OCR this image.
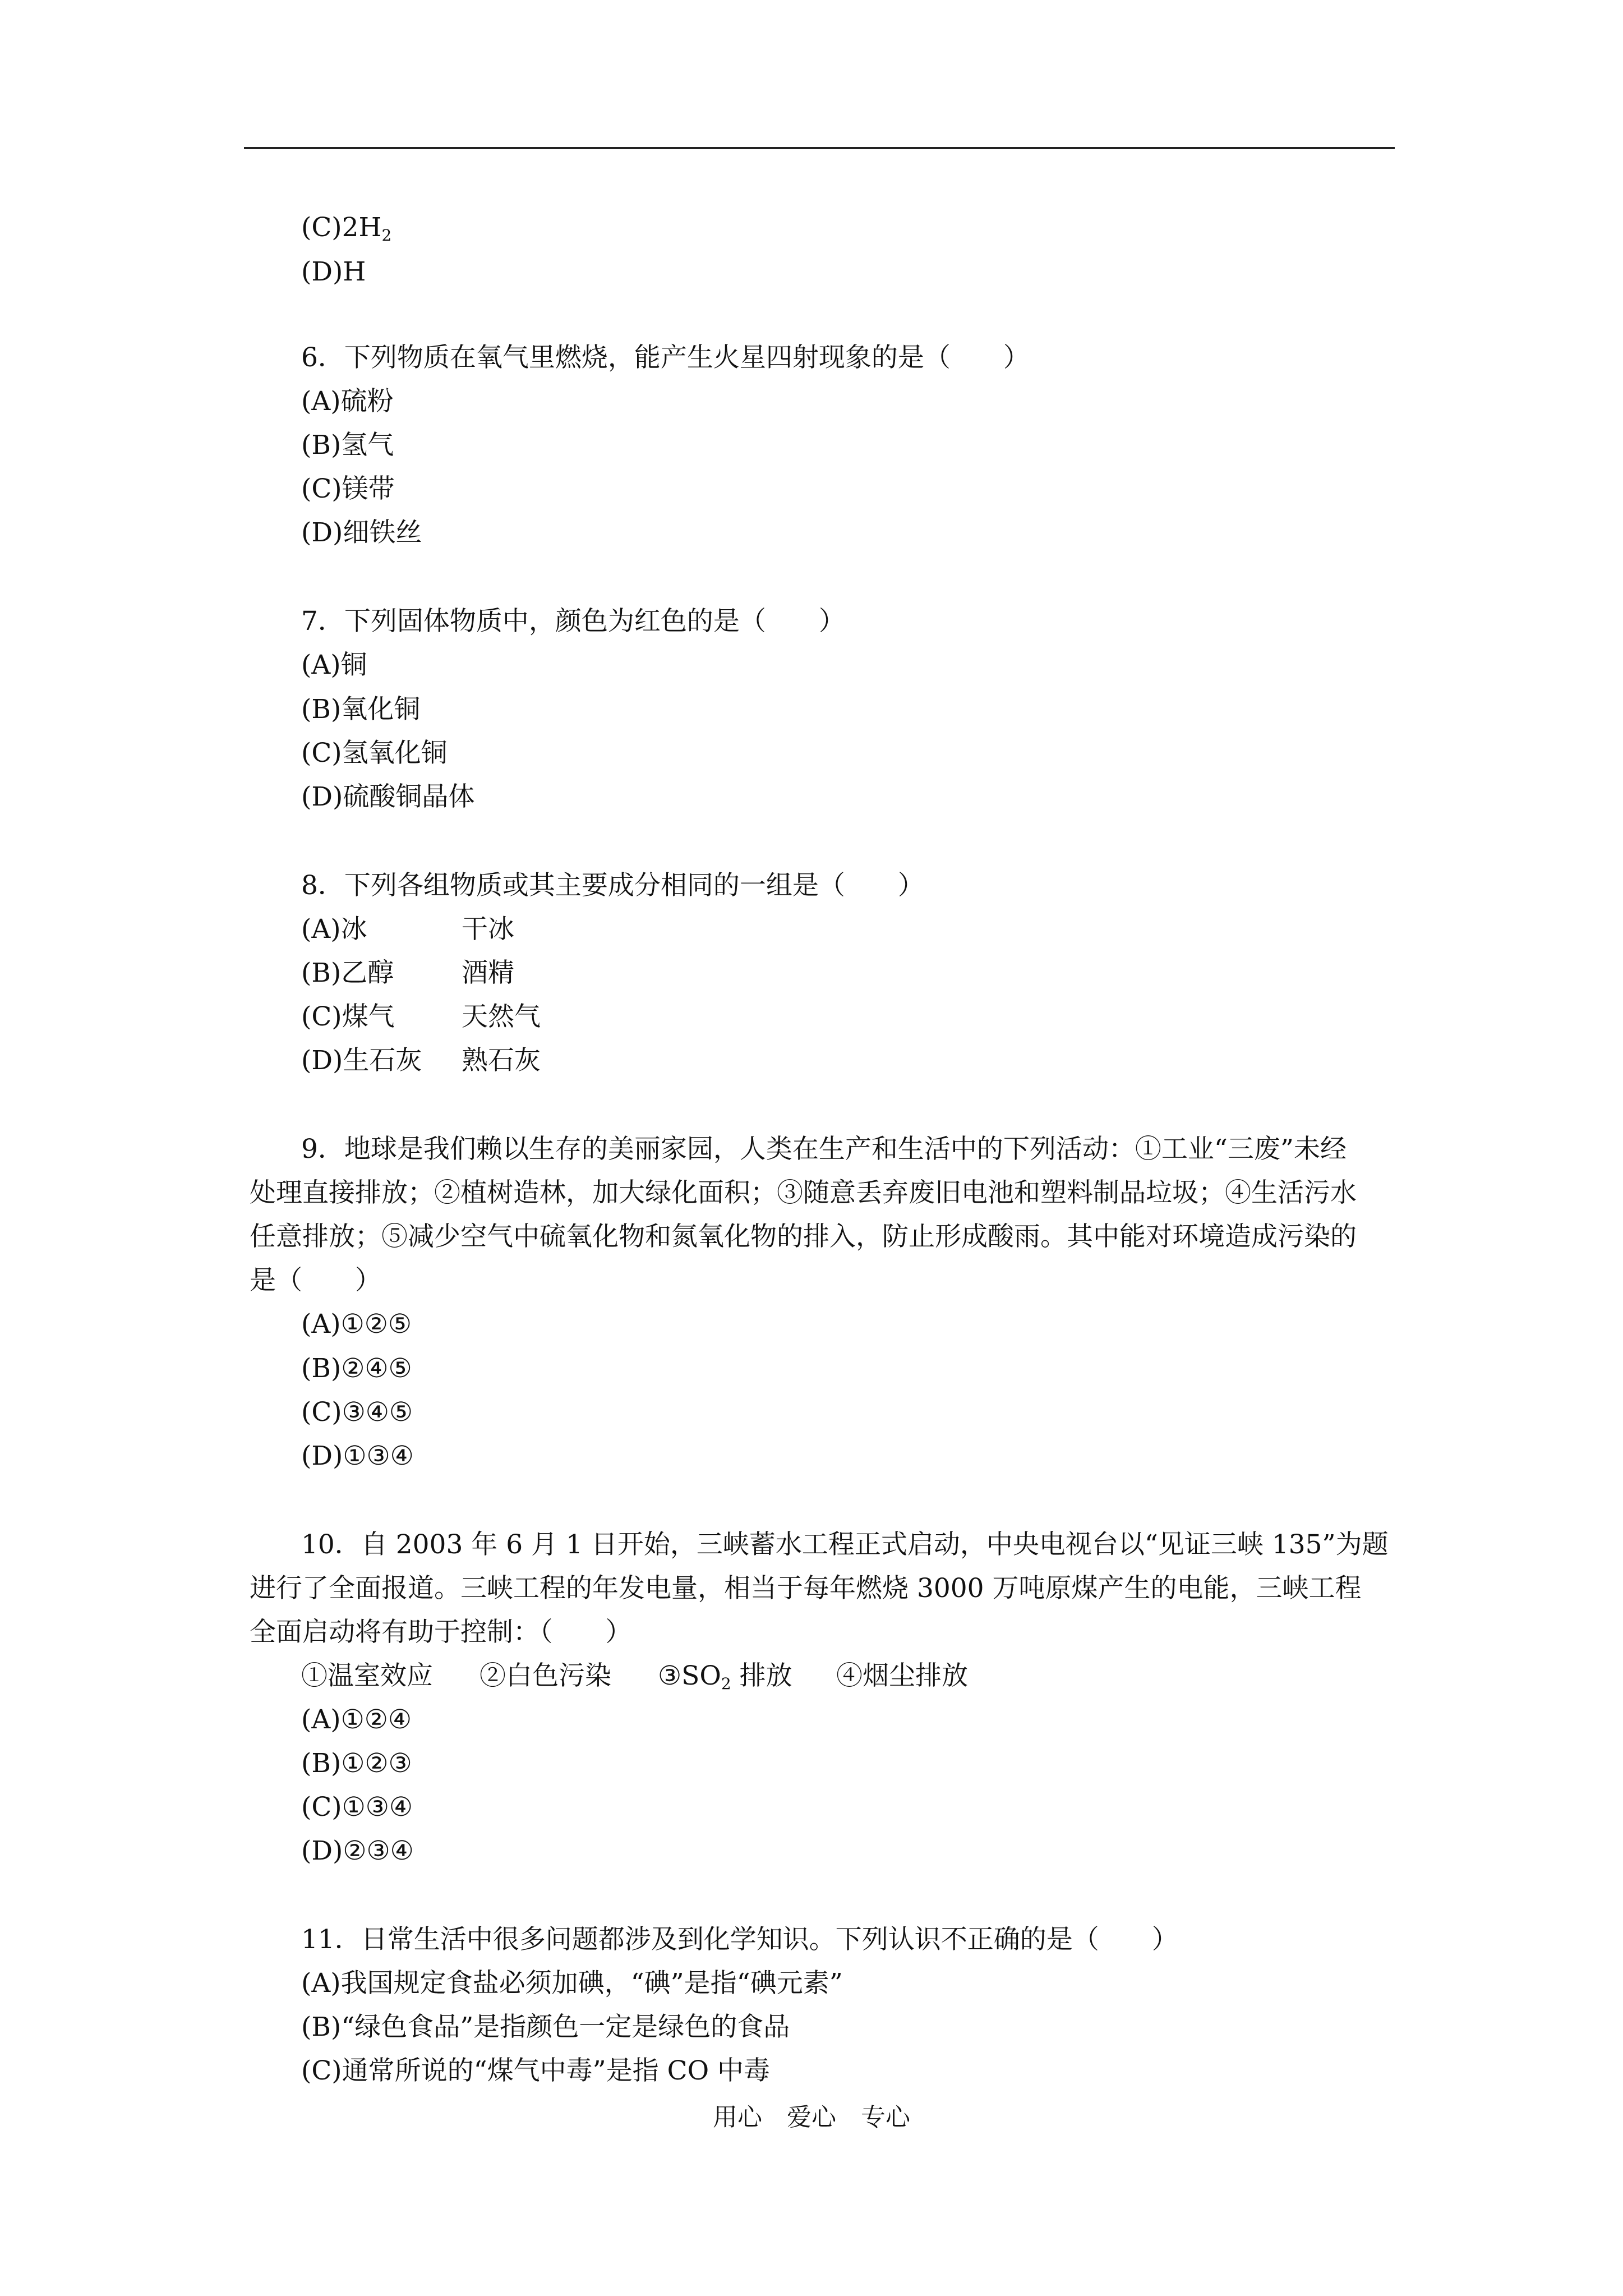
$(C)2H_2$
(D)H
6．下列物质在氧气里燃烧，能产生火星四射现象的是（　　）
(A)硫粉
(B)氢气
(C)镁带
(D)细铁丝
7．下列固体物质中，颜色为红色的是（　　）
(A)铜
(B)氧化铜
(C)氢氧化铜
(D)硫酸铜晶体
8．下列各组物质或其主要成分相同的一组是（　　）
(A)冰	干冰
(B)乙醇	酒精
(C)煤气	天然气
(D)生石灰 熟石灰
9．地球是我们赖以生存的美丽家园，人类在生产和生活中的下列活动：①工业“三废”未经
处理直接排放；②植树造林，加大绿化面积；③随意丢弃废旧电池和塑料制品垃圾；④生活污水
任意排放；⑤减少空气中硫氧化物和氮氧化物的排入，防止形成酸雨。其中能对环境造成污染的
是（　　）
(A)①②⑤
(B)②④⑤
(C)③④⑤
(D)①③④
10．自 2003 年 6 月 1 日开始，三峡蓄水工程正式启动，中央电视台以“见证三峡 135”为题
进行了全面报道。三峡工程的年发电量，相当于每年燃烧 3000 万吨原煤产生的电能，三峡工程
全面启动将有助于控制：（　　）
①温室效应 ②白色污染 $③SO_2$ 排放 ④烟尘排放
(A)①②④
(B)①②③
(C)①③④
(D)②③④
11．日常生活中很多问题都涉及到化学知识。下列认识不正确的是（　　）
(A)我国规定食盐必须加碘，“碘”是指“碘元素”
(B)“绿色食品”是指颜色一定是绿色的食品
(C)通常所说的“煤气中毒”是指 CO 中毒
用心　爱心　专心
